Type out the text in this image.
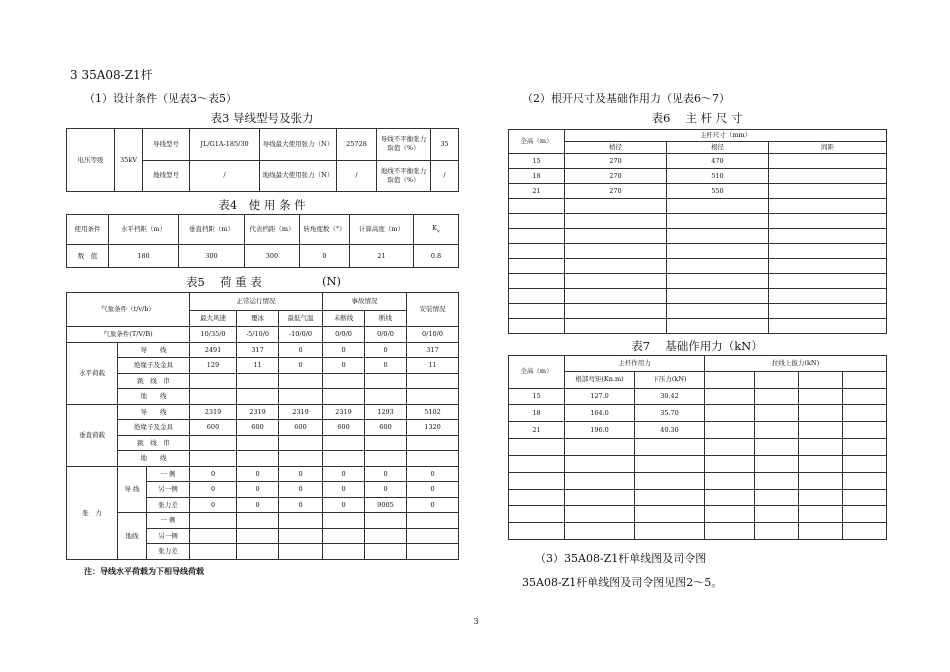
3 35A08-Z1杆
（1）设计条件（见表3～表5）
表3 导线型号及张力
电压等级	35kV	导线型号	JL/G1A-185/30	导线最大使用张力（N）	25728	导线不平衡张力取值（%）	35
		地线型号	/	地线最大使用张力（N）	/	地线不平衡张力取值（%）	/
表4　使 用 条 件
使用条件	水平档距（m）	垂直档距（m）	代表档距（m）	转角度数（°）	计算高度（m）	$K_v$
数　值	180	300	300	0	21	0.8
表5　 荷 重 表	(N)
气象条件（t/v/b）			正常运行情况			事故情况		安装情况
			最大风速	覆冰	最低气温	未断线	断线	
气象条件(T/V/B)			10/35/0	-5/10/0	-10/0/0	0/0/0	0/0/0	0/10/0
水平荷载	导　　线		2491	317	0	0	0	317
	绝缘子及金具		129	11	0	0	0	11
	跳　线　串							
	地　　线							
垂直荷载	导　　线		2319	2319	2319	2319	1293	5102
	绝缘子及金具		600	600	600	600	600	1320
	跳　线　串							
	地　　线							
张　力	导 线	一 侧	0	0	0	0	0	0
		另一侧	0	0	0	0	0	0
		张力差	0	0	0	0	9005	0
	地线	一 侧						
		另一侧						
		张力差						
注：导线水平荷载为下相导线荷载
（2）根开尺寸及基础作用力（见表6～7）
表6　 主 杆 尺 寸
全高（m）	主杆尺寸（mm）		
	梢径	根径	间距
15	270	470	
18	270	510	
21	270	550	

表7　 基础作用力（kN）
全高（m）	主杆作用力		拉线上拔力(kN)			
	根部弯矩(Kn.m)	下压力(kN)				
15	127.0	30.42				
18	164.0	35.70				
21	196.0	40.30				

（3）35A08-Z1杆单线图及司令图
35A08-Z1杆单线图及司令图见图2～5。
3
